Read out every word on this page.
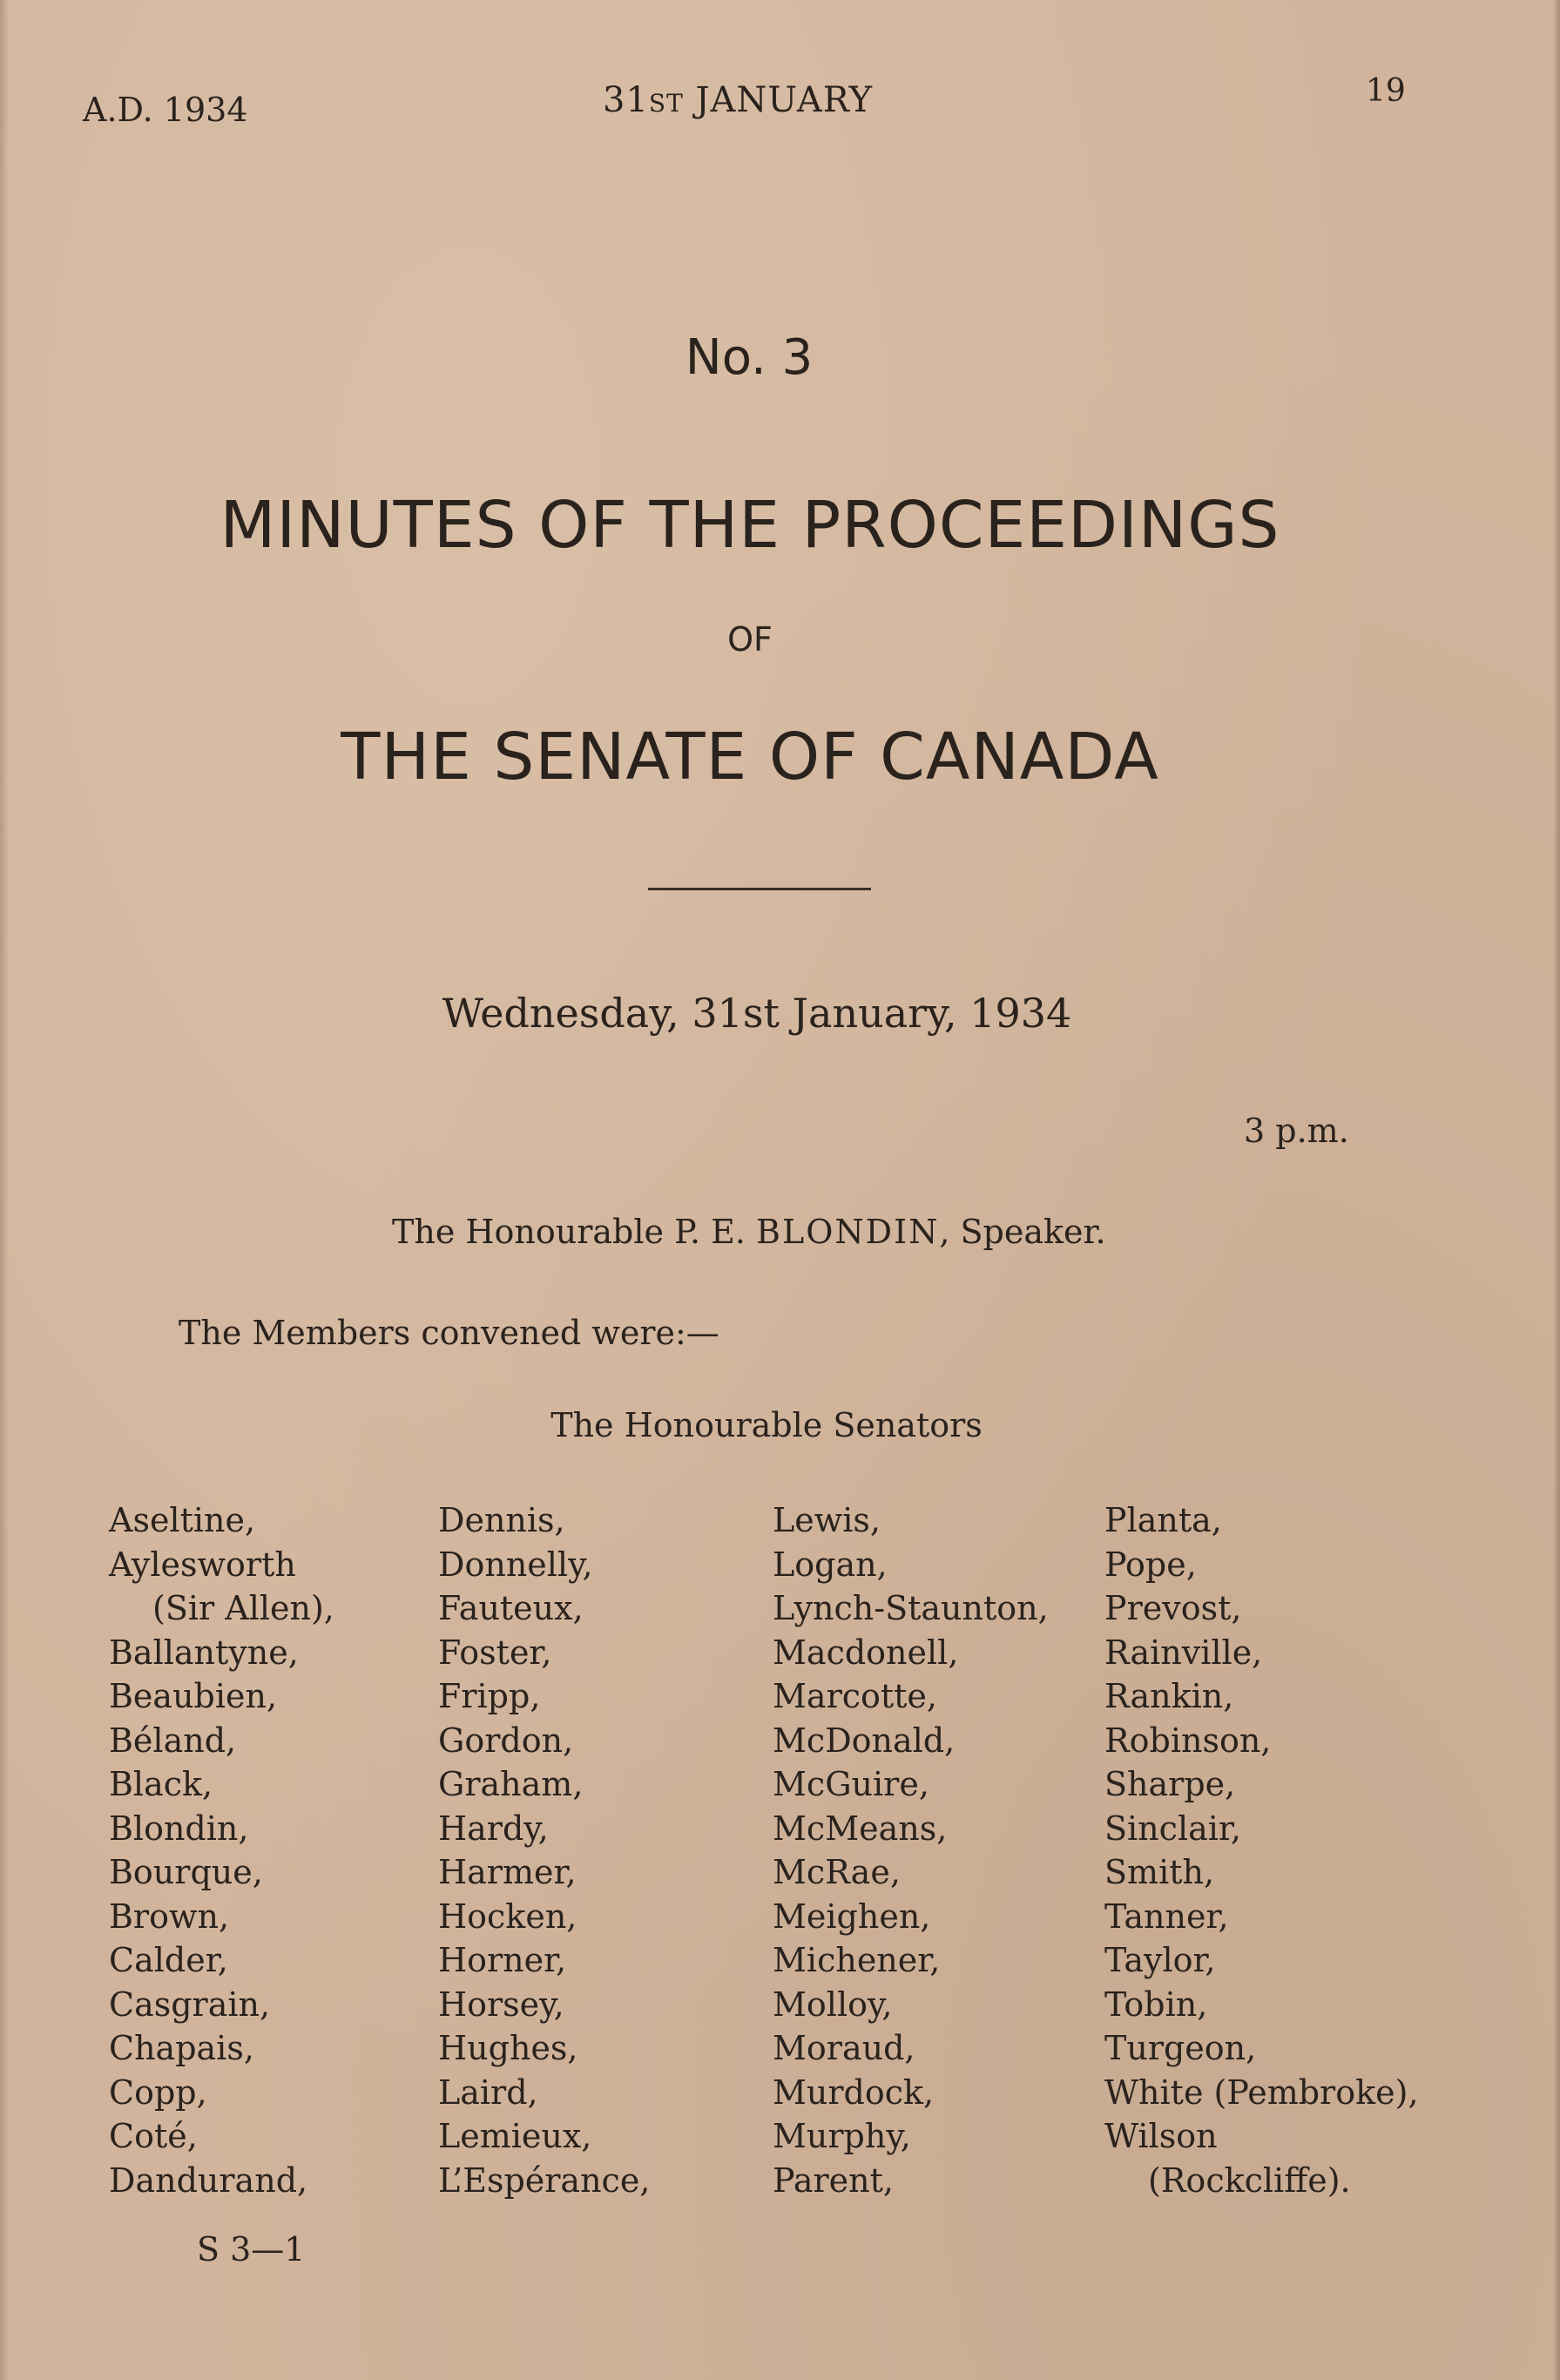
A.D. 1934	31ST JANUARY	19
No. 3
MINUTES OF THE PROCEEDINGS
OF
THE SENATE OF CANADA
Wednesday, 31st January, 1934
3 p.m.
The Honourable P. E. BLONDIN, Speaker.
The Members convened were:—
The Honourable Senators
Aseltine,
Aylesworth
(Sir Allen),
Ballantyne,
Beaubien,
Béland,
Black,
Blondin,
Bourque,
Brown,
Calder,
Casgrain,
Chapais,
Copp,
Coté,
Dandurand,
Dennis,
Donnelly,
Fauteux,
Foster,
Fripp,
Gordon,
Graham,
Hardy,
Harmer,
Hocken,
Horner,
Horsey,
Hughes,
Laird,
Lemieux,
L’Espérance,
Lewis,
Logan,
Lynch-Staunton,
Macdonell,
Marcotte,
McDonald,
McGuire,
McMeans,
McRae,
Meighen,
Michener,
Molloy,
Moraud,
Murdock,
Murphy,
Parent,
Planta,
Pope,
Prevost,
Rainville,
Rankin,
Robinson,
Sharpe,
Sinclair,
Smith,
Tanner,
Taylor,
Tobin,
Turgeon,
White (Pembroke),
Wilson
(Rockcliffe).
S 3—1
